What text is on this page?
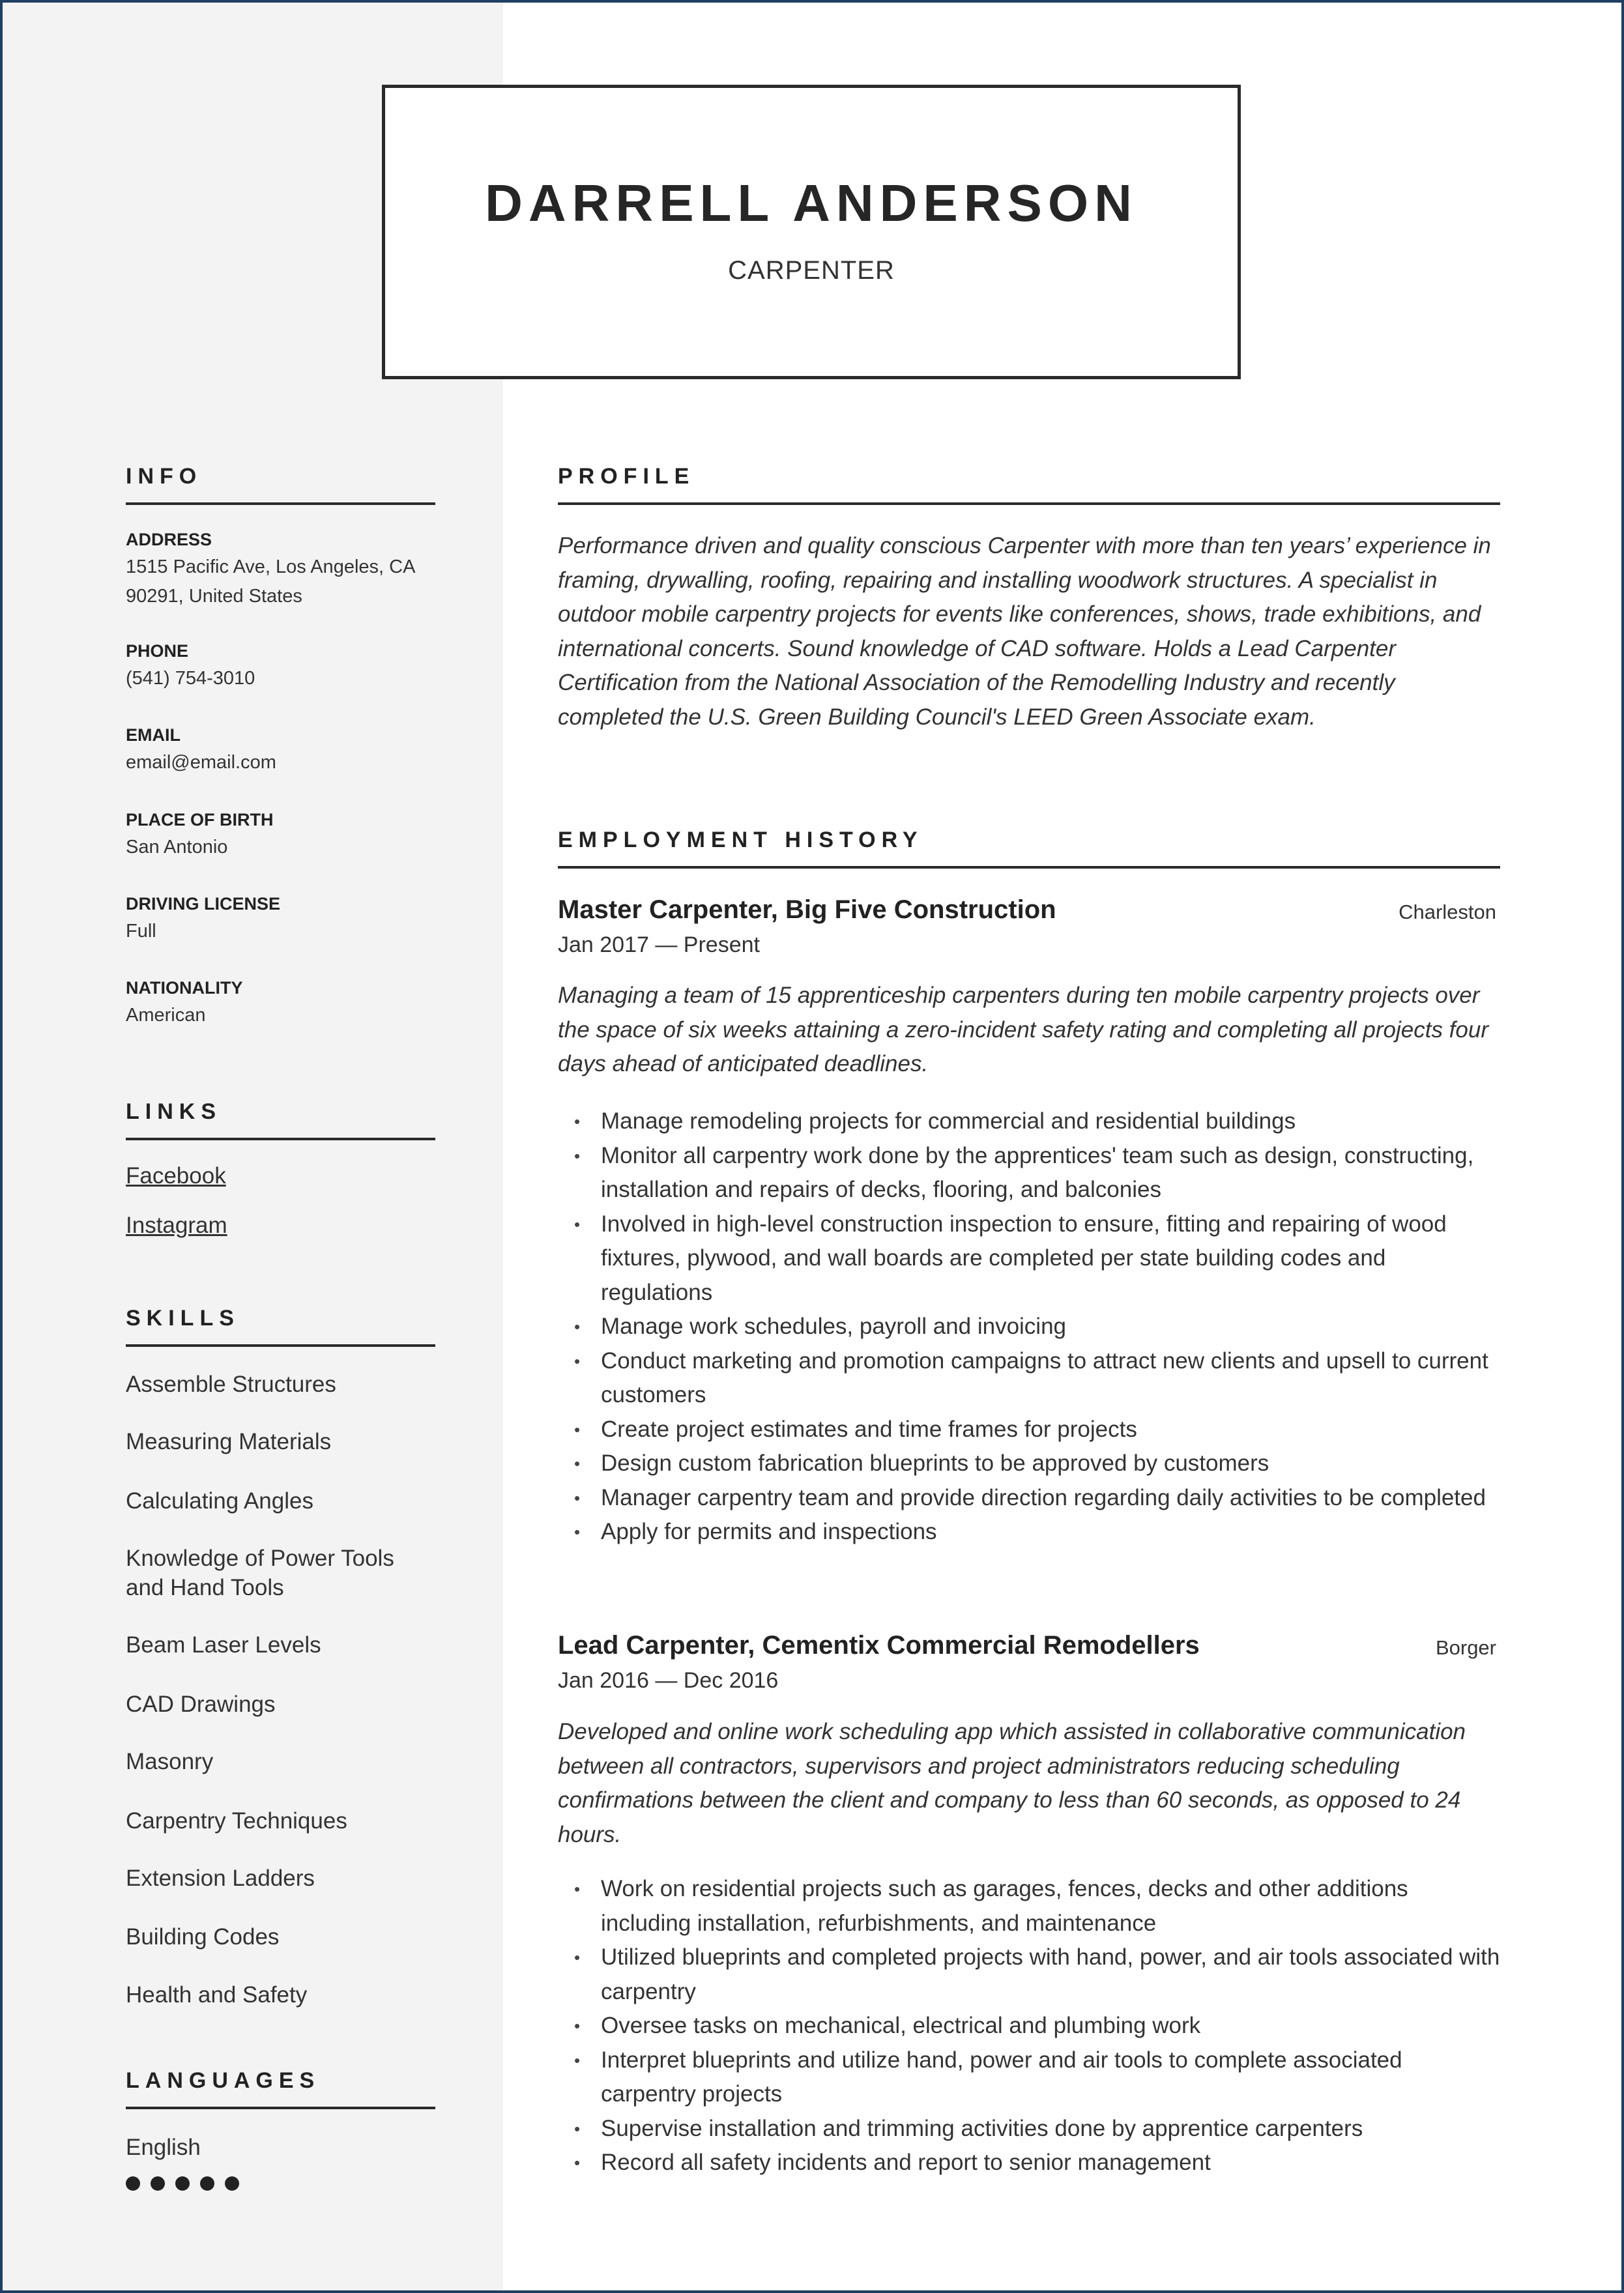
DARRELL ANDERSON
CARPENTER
INFO

ADDRESS

1515 Pacific Ave, Los Angeles, CA 90291, United States

PHONE

(541) 754-3010

EMAIL

email@email.com

PLACE OF BIRTH

San Antonio

DRIVING LICENSE

Full

NATIONALITY

American

LINKS
Facebook
Instagram
SKILLS
Assemble Structures
Measuring Materials
Calculating Angles
Knowledge of Power Tools and Hand Tools
Beam Laser Levels
CAD Drawings
Masonry
Carpentry Techniques
Extension Ladders
Building Codes
Health and Safety
LANGUAGES
English
PROFILE

Performance driven and quality conscious Carpenter with more than ten years’ experience in framing, drywalling, roofing, repairing and installing woodwork structures. A specialist in outdoor mobile carpentry projects for events like conferences, shows, trade exhibitions, and international concerts. Sound knowledge of CAD software. Holds a Lead Carpenter Certification from the National Association of the Remodelling Industry and recently completed the U.S. Green Building Council's LEED Green Associate exam.

EMPLOYMENT HISTORY

Master Carpenter, Big Five Construction	Charleston

Jan 2017 — Present

Managing a team of 15 apprenticeship carpenters during ten mobile carpentry projects over the space of six weeks attaining a zero-incident safety rating and completing all projects four days ahead of anticipated deadlines.

• Manage remodeling projects for commercial and residential buildings
• Monitor all carpentry work done by the apprentices' team such as design, constructing, installation and repairs of decks, flooring, and balconies
• Involved in high-level construction inspection to ensure, fitting and repairing of wood fixtures, plywood, and wall boards are completed per state building codes and regulations
• Manage work schedules, payroll and invoicing
• Conduct marketing and promotion campaigns to attract new clients and upsell to current customers
• Create project estimates and time frames for projects
• Design custom fabrication blueprints to be approved by customers
• Manager carpentry team and provide direction regarding daily activities to be completed
• Apply for permits and inspections

Lead Carpenter, Cementix Commercial Remodellers	Borger

Jan 2016 — Dec 2016

Developed and online work scheduling app which assisted in collaborative communication between all contractors, supervisors and project administrators reducing scheduling confirmations between the client and company to less than 60 seconds, as opposed to 24 hours.

• Work on residential projects such as garages, fences, decks and other additions including installation, refurbishments, and maintenance
• Utilized blueprints and completed projects with hand, power, and air tools associated with carpentry
• Oversee tasks on mechanical, electrical and plumbing work
• Interpret blueprints and utilize hand, power and air tools to complete associated carpentry projects
• Supervise installation and trimming activities done by apprentice carpenters
• Record all safety incidents and report to senior management
